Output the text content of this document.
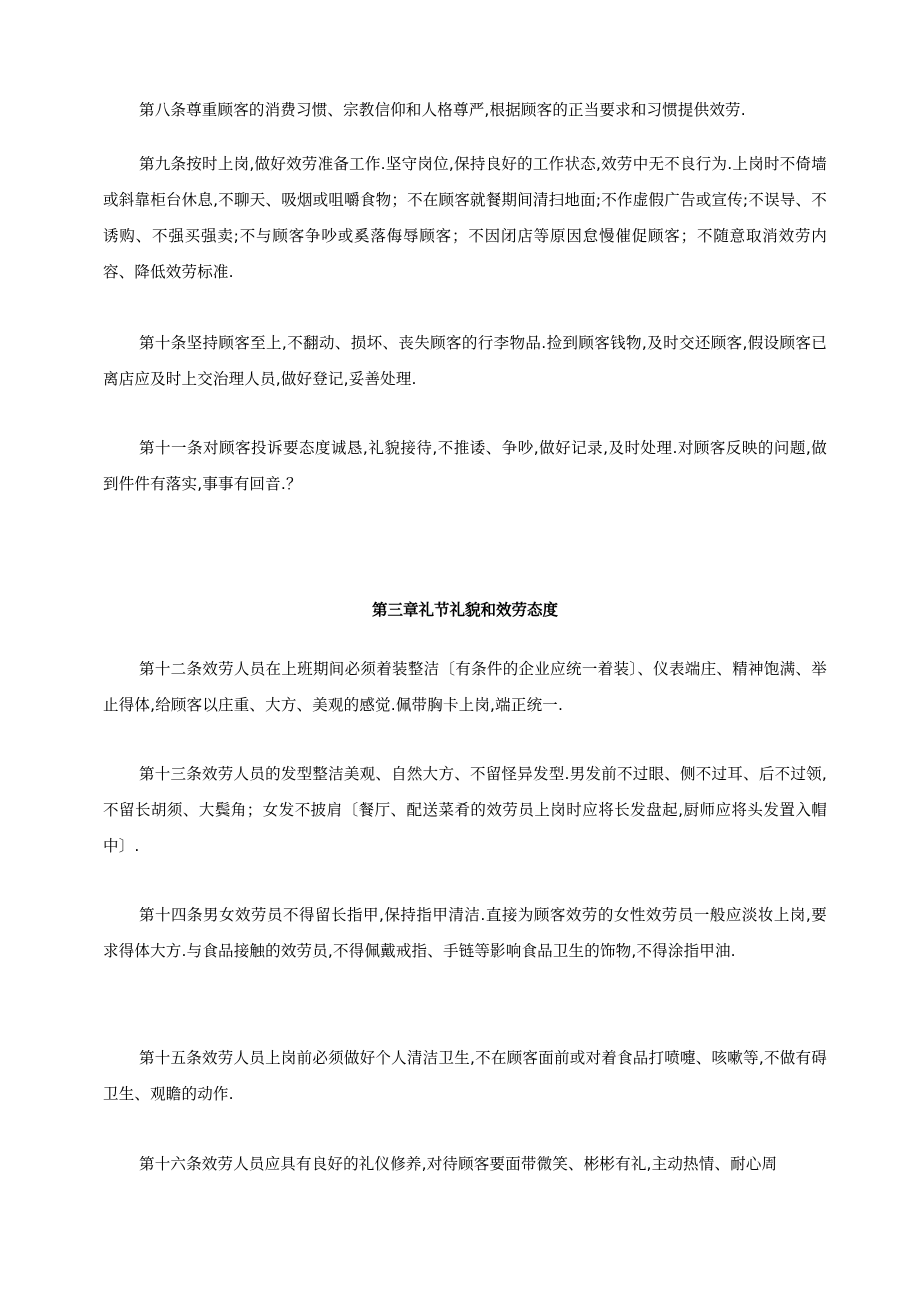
第八条尊重顾客的消费习惯、宗教信仰和人格尊严,根据顾客的正当要求和习惯提供效劳.

第九条按时上岗,做好效劳准备工作.坚守岗位,保持良好的工作状态,效劳中无不良行为.上岗时不倚墙或斜靠柜台休息,不聊天、吸烟或咀嚼食物；不在顾客就餐期间清扫地面;不作虚假广告或宣传;不误导、不诱购、不强买强卖;不与顾客争吵或奚落侮辱顾客；不因闭店等原因怠慢催促顾客；不随意取消效劳内容、降低效劳标准.

第十条坚持顾客至上,不翻动、损坏、丧失顾客的行李物品.捡到顾客钱物,及时交还顾客,假设顾客已离店应及时上交治理人员,做好登记,妥善处理.

第十一条对顾客投诉要态度诚恳,礼貌接待,不推诿、争吵,做好记录,及时处理.对顾客反映的问题,做到件件有落实,事事有回音.？

第三章礼节礼貌和效劳态度

第十二条效劳人员在上班期间必须着装整洁〔有条件的企业应统一着装〕、仪表端庄、精神饱满、举止得体,给顾客以庄重、大方、美观的感觉.佩带胸卡上岗,端正统一.

第十三条效劳人员的发型整洁美观、自然大方、不留怪异发型.男发前不过眼、侧不过耳、后不过领,不留长胡须、大鬓角；女发不披肩〔餐厅、配送菜肴的效劳员上岗时应将长发盘起,厨师应将头发置入帽中〕.

第十四条男女效劳员不得留长指甲,保持指甲清洁.直接为顾客效劳的女性效劳员一般应淡妆上岗,要求得体大方.与食品接触的效劳员,不得佩戴戒指、手链等影响食品卫生的饰物,不得涂指甲油.

第十五条效劳人员上岗前必须做好个人清洁卫生,不在顾客面前或对着食品打喷嚏、咳嗽等,不做有碍卫生、观瞻的动作.

第十六条效劳人员应具有良好的礼仪修养,对待顾客要面带微笑、彬彬有礼,主动热情、耐心周
